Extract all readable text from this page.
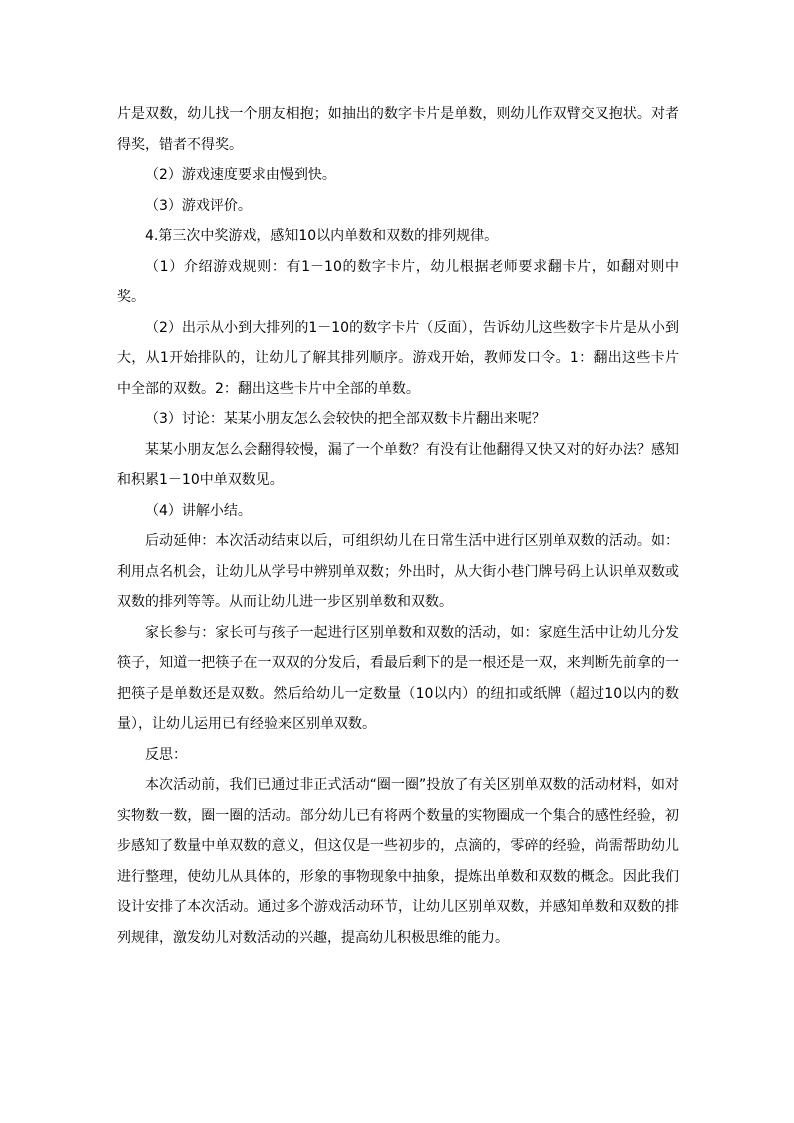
片是双数，幼儿找一个朋友相抱；如抽出的数字卡片是单数，则幼儿作双臂交叉抱状。对者得奖，错者不得奖。

（2）游戏速度要求由慢到快。

（3）游戏评价。

4.第三次中奖游戏，感知10以内单数和双数的排列规律。

（1）介绍游戏规则：有1－10的数字卡片，幼儿根据老师要求翻卡片，如翻对则中奖。

（2）出示从小到大排列的1－10的数字卡片（反面），告诉幼儿这些数字卡片是从小到大，从1开始排队的，让幼儿了解其排列顺序。游戏开始，教师发口令。1：翻出这些卡片中全部的双数。2：翻出这些卡片中全部的单数。

（3）讨论：某某小朋友怎么会较快的把全部双数卡片翻出来呢？

某某小朋友怎么会翻得较慢，漏了一个单数？有没有让他翻得又快又对的好办法？感知和积累1－10中单双数见。

（4）讲解小结。

后动延伸：本次活动结束以后，可组织幼儿在日常生活中进行区别单双数的活动。如：利用点名机会，让幼儿从学号中辨别单双数；外出时，从大街小巷门牌号码上认识单双数或双数的排列等等。从而让幼儿进一步区别单数和双数。

家长参与：家长可与孩子一起进行区别单数和双数的活动，如：家庭生活中让幼儿分发筷子，知道一把筷子在一双双的分发后，看最后剩下的是一根还是一双，来判断先前拿的一把筷子是单数还是双数。然后给幼儿一定数量（10以内）的纽扣或纸牌（超过10以内的数量），让幼儿运用已有经验来区别单双数。

反思：

本次活动前，我们已通过非正式活动“圈一圈”投放了有关区别单双数的活动材料，如对实物数一数，圈一圈的活动。部分幼儿已有将两个数量的实物圈成一个集合的感性经验，初步感知了数量中单双数的意义，但这仅是一些初步的，点滴的，零碎的经验，尚需帮助幼儿进行整理，使幼儿从具体的，形象的事物现象中抽象，提炼出单数和双数的概念。因此我们设计安排了本次活动。通过多个游戏活动环节，让幼儿区别单双数，并感知单数和双数的排列规律，激发幼儿对数活动的兴趣，提高幼儿积极思维的能力。
